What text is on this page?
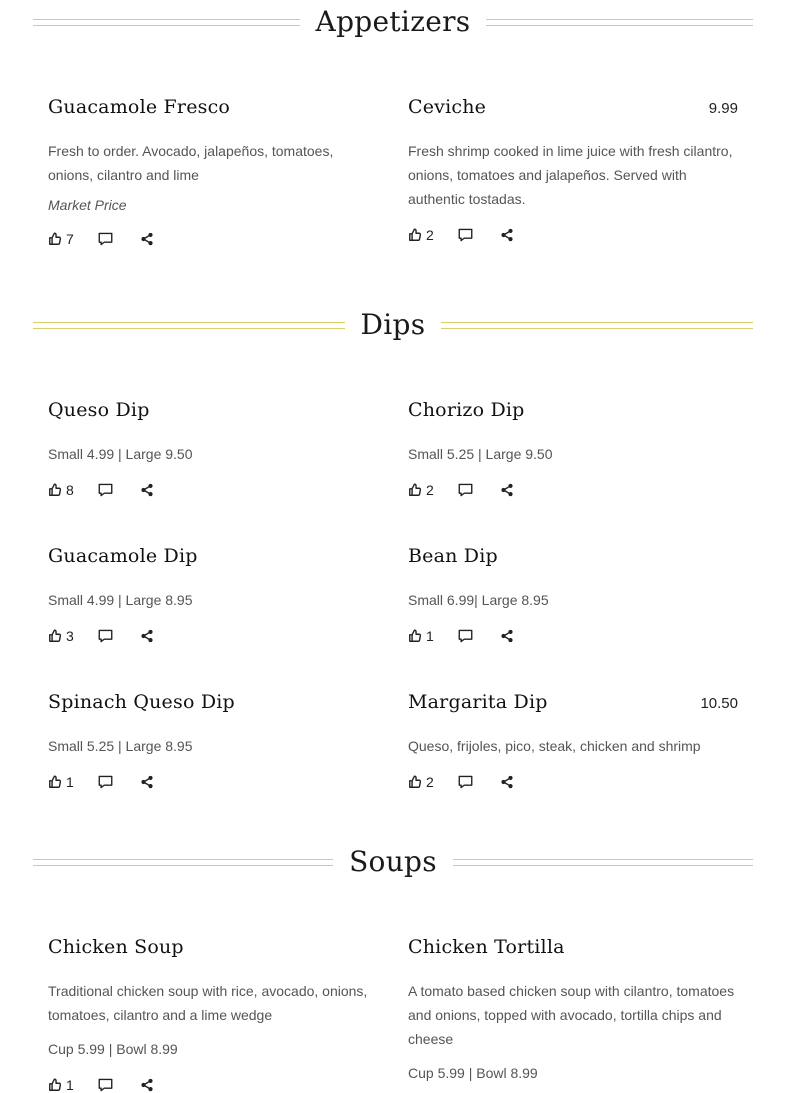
Appetizers
Guacamole Fresco
Fresh to order. Avocado, jalapeños, tomatoes, onions, cilantro and lime
Market Price
7
Ceviche	9.99
Fresh shrimp cooked in lime juice with fresh cilantro, onions, tomatoes and jalapeños. Served with authentic tostadas.
2
Dips
Queso Dip
Small 4.99 | Large 9.50
8
Chorizo Dip
Small 5.25 | Large 9.50
2
Guacamole Dip
Small 4.99 | Large 8.95
3
Bean Dip
Small 6.99| Large 8.95
1
Spinach Queso Dip
Small 5.25 | Large 8.95
1
Margarita Dip	10.50
Queso, frijoles, pico, steak, chicken and shrimp
2
Soups
Chicken Soup
Traditional chicken soup with rice, avocado, onions, tomatoes, cilantro and a lime wedge
Cup 5.99 | Bowl 8.99
1
Chicken Tortilla
A tomato based chicken soup with cilantro, tomatoes and onions, topped with avocado, tortilla chips and cheese
Cup 5.99 | Bowl 8.99
